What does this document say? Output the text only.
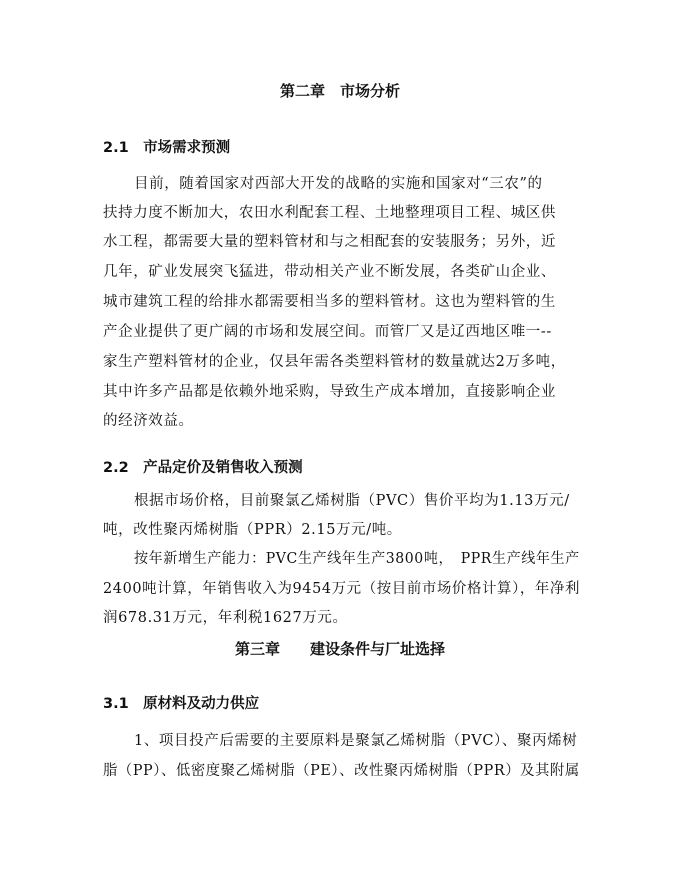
第二章　市场分析
2.1　市场需求预测
目前，随着国家对西部大开发的战略的实施和国家对“三农”的
扶持力度不断加大，农田水利配套工程、土地整理项目工程、城区供
水工程，都需要大量的塑料管材和与之相配套的安装服务；另外，近
几年，矿业发展突飞猛进，带动相关产业不断发展，各类矿山企业、
城市建筑工程的给排水都需要相当多的塑料管材。这也为塑料管的生
产企业提供了更广阔的市场和发展空间。而管厂又是辽西地区唯一--
家生产塑料管材的企业，仅县年需各类塑料管材的数量就达2万多吨，
其中许多产品都是依赖外地采购，导致生产成本增加，直接影响企业
的经济效益。
2.2　产品定价及销售收入预测
根据市场价格，目前聚氯乙烯树脂（PVC）售价平均为1.13万元/
吨，改性聚丙烯树脂（PPR）2.15万元/吨。
按年新增生产能力：PVC生产线年生产3800吨，　PPR生产线年生产
2400吨计算，年销售收入为9454万元（按目前市场价格计算），年净利
润678.31万元，年利税1627万元。
第三章　　建设条件与厂址选择
3.1　原材料及动力供应
1、项目投产后需要的主要原料是聚氯乙烯树脂（PVC）、聚丙烯树
脂（PP）、低密度聚乙烯树脂（PE）、改性聚丙烯树脂（PPR）及其附属
